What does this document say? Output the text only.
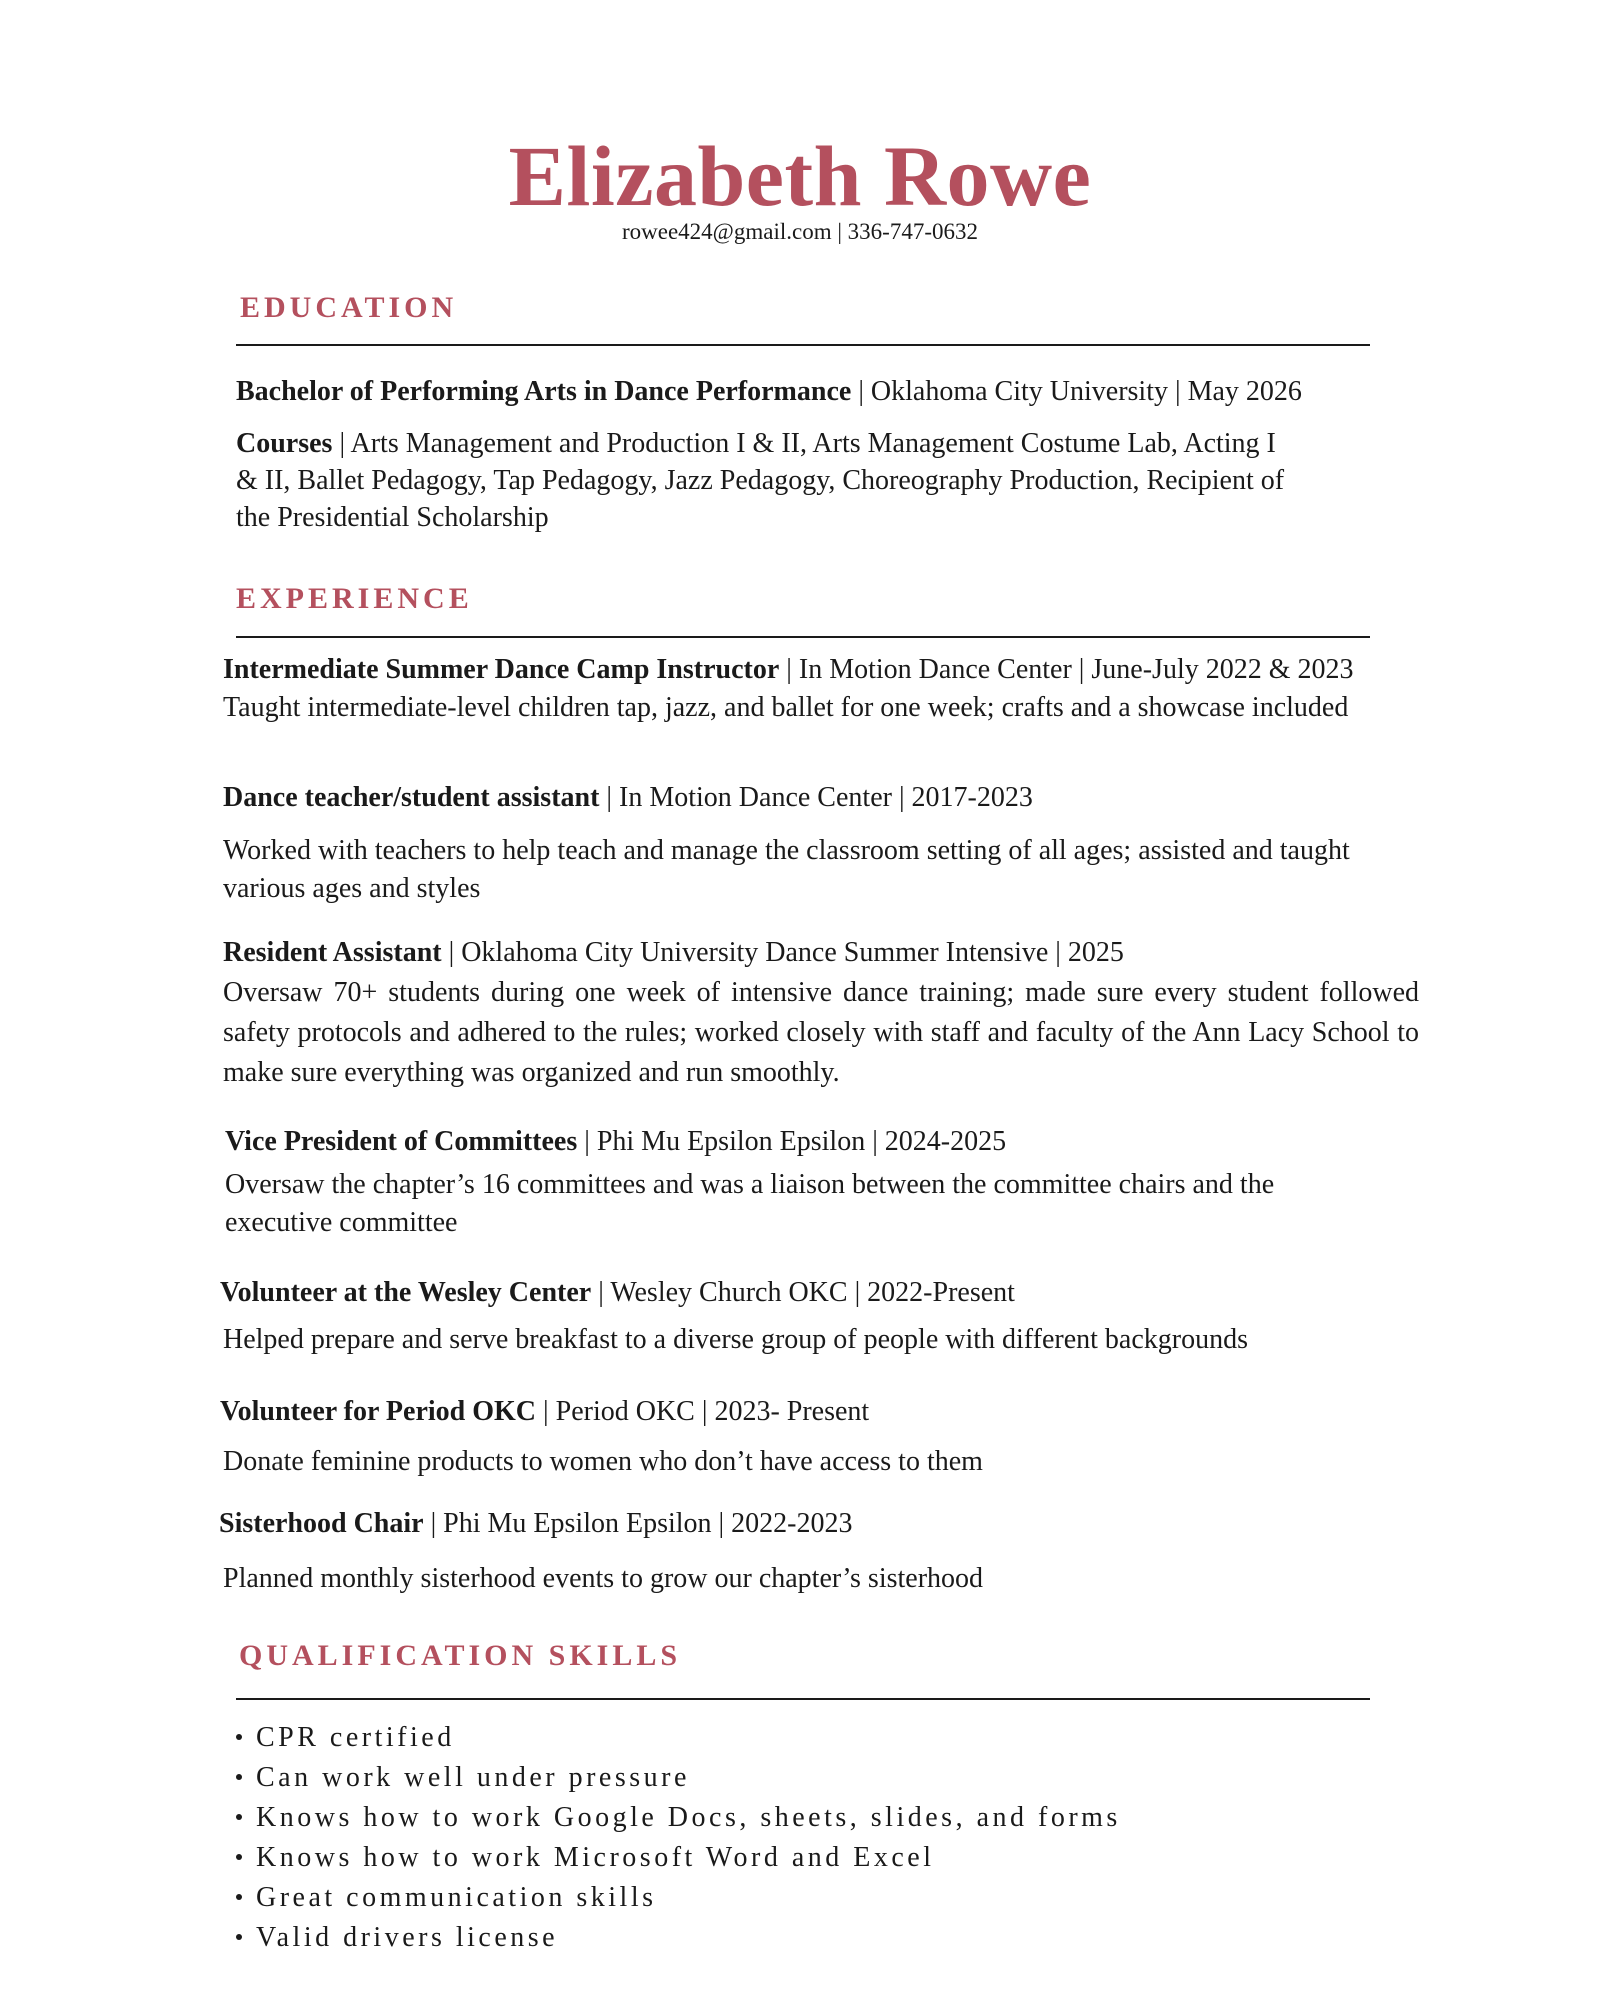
Elizabeth Rowe
rowee424@gmail.com | 336-747-0632
EDUCATION
Bachelor of Performing Arts in Dance Performance | Oklahoma City University | May 2026
Courses | Arts Management and Production I & II, Arts Management Costume Lab, Acting I
& II, Ballet Pedagogy, Tap Pedagogy, Jazz Pedagogy, Choreography Production, Recipient of
the Presidential Scholarship
EXPERIENCE
Intermediate Summer Dance Camp Instructor | In Motion Dance Center | June-July 2022 & 2023
Taught intermediate-level children tap, jazz, and ballet for one week; crafts and a showcase included
Dance teacher/student assistant | In Motion Dance Center | 2017-2023
Worked with teachers to help teach and manage the classroom setting of all ages; assisted and taught various ages and styles
Resident Assistant | Oklahoma City University Dance Summer Intensive | 2025
Oversaw 70+ students during one week of intensive dance training; made sure every student followed safety protocols and adhered to the rules; worked closely with staff and faculty of the Ann Lacy School to make sure everything was organized and run smoothly.
Vice President of Committees | Phi Mu Epsilon Epsilon | 2024-2025
Oversaw the chapter’s 16 committees and was a liaison between the committee chairs and the executive committee
Volunteer at the Wesley Center | Wesley Church OKC | 2022-Present
Helped prepare and serve breakfast to a diverse group of people with different backgrounds
Volunteer for Period OKC | Period OKC | 2023- Present
Donate feminine products to women who don’t have access to them
Sisterhood Chair | Phi Mu Epsilon Epsilon | 2022-2023
Planned monthly sisterhood events to grow our chapter’s sisterhood
QUALIFICATION SKILLS
CPR certified
Can work well under pressure
Knows how to work Google Docs, sheets, slides, and forms
Knows how to work Microsoft Word and Excel
Great communication skills
Valid drivers license
